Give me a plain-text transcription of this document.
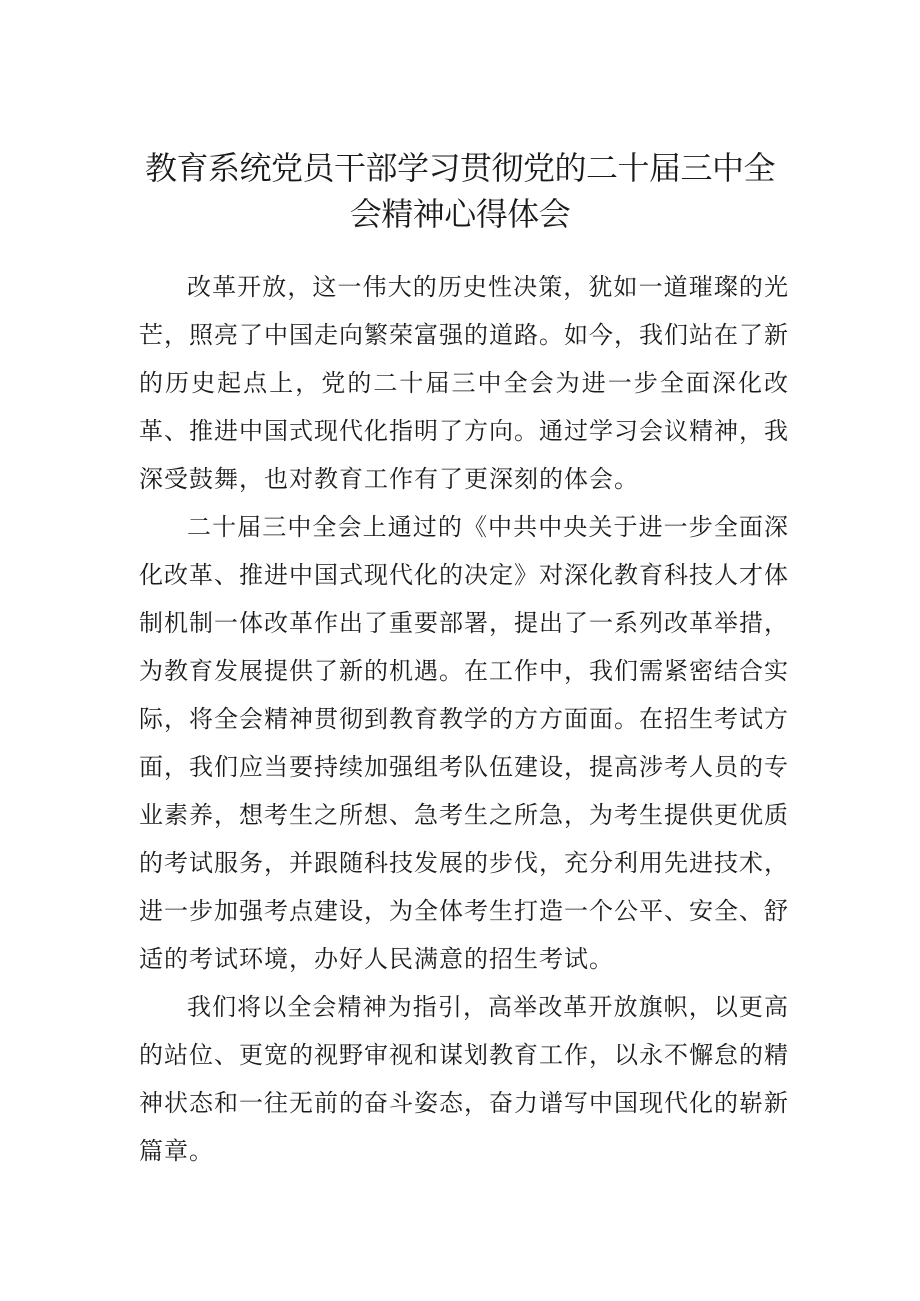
教育系统党员干部学习贯彻党的二十届三中全
会精神心得体会

改革开放，这一伟大的历史性决策，犹如一道璀璨的光芒，照亮了中国走向繁荣富强的道路。如今，我们站在了新的历史起点上，党的二十届三中全会为进一步全面深化改革、推进中国式现代化指明了方向。通过学习会议精神，我深受鼓舞，也对教育工作有了更深刻的体会。

二十届三中全会上通过的《中共中央关于进一步全面深化改革、推进中国式现代化的决定》对深化教育科技人才体制机制一体改革作出了重要部署，提出了一系列改革举措，为教育发展提供了新的机遇。在工作中，我们需紧密结合实际，将全会精神贯彻到教育教学的方方面面。在招生考试方面，我们应当要持续加强组考队伍建设，提高涉考人员的专业素养，想考生之所想、急考生之所急，为考生提供更优质的考试服务，并跟随科技发展的步伐，充分利用先进技术，进一步加强考点建设，为全体考生打造一个公平、安全、舒适的考试环境，办好人民满意的招生考试。

我们将以全会精神为指引，高举改革开放旗帜，以更高的站位、更宽的视野审视和谋划教育工作，以永不懈怠的精神状态和一往无前的奋斗姿态，奋力谱写中国现代化的崭新篇章。
